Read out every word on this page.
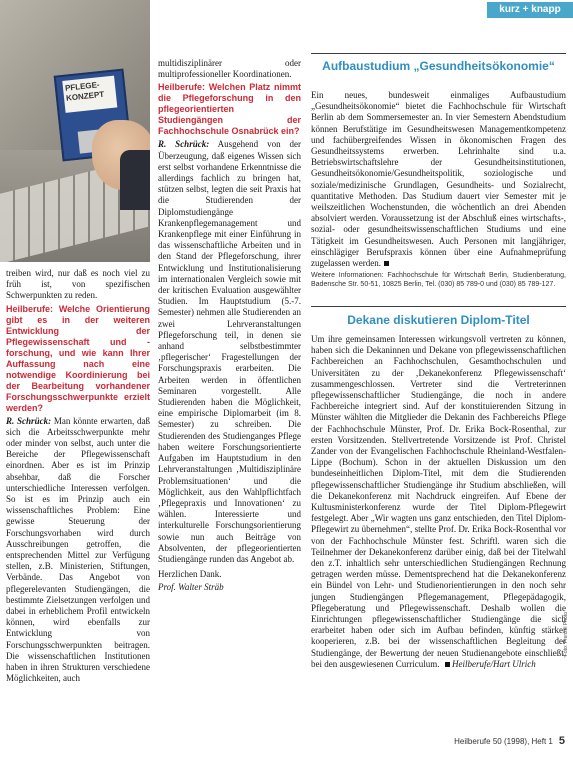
PFLEGE-KONZEPT
kurz + knapp

treiben wird, nur daß es noch viel zu früh ist, von spezifischen Schwerpunkten zu reden.

Heilberufe: Welche Orientierung gibt es in der weiteren Entwicklung der Pflegewissenschaft und -forschung, und wie kann Ihrer Auffassung nach eine notwendige Koordinierung bei der Bearbeitung vorhandener Forschungsschwerpunkte erzielt werden?

R. Schrück: Man könnte erwarten, daß sich die Arbeitsschwerpunkte mehr oder minder von selbst, auch unter die Bereiche der Pflegewissenschaft einordnen. Aber es ist im Prinzip absehbar, daß die Forscher unterschiedliche Interessen verfolgen. So ist es im Prinzip auch ein wissenschaftliches Problem: Eine gewisse Steuerung der Forschungsvorhaben wird durch Ausschreibungen getroffen, die entsprechenden Mittel zur Verfügung stellen, z.B. Ministerien, Stiftungen, Verbände. Das Angebot von pflegerelevanten Studiengängen, die bestimmte Zielsetzungen verfolgen und dabei in erheblichem Profil entwickeln können, wird ebenfalls zur Entwicklung von Forschungsschwerpunkten beitragen. Die wissenschaftlichen Institutionen haben in ihren Strukturen verschiedene Möglichkeiten, auch

multidisziplinärer oder multiprofessioneller Koordinationen.

Heilberufe: Welchen Platz nimmt die Pflegeforschung in den pflegeorientierten Studiengängen der Fachhochschule Osnabrück ein?

R. Schrück: Ausgehend von der Überzeugung, daß eigenes Wissen sich erst selbst vorhandene Erkenntnisse die allerdings fachlich zu bringen hat, stützen selbst, legten die seit Praxis hat die Studierenden der Diplomstudiengänge Krankenpflegemanagement und Krankenpflege mit einer Einführung in das wissenschaftliche Arbeiten und in den Stand der Pflegeforschung, ihrer Entwicklung und Institutionalisierung im internationalen Vergleich sowie mit der kritischen Evaluation ausgewählter Studien. Im Hauptstudium (5.-7. Semester) nehmen alle Studierenden an zwei Lehrveranstaltungen Pflegeforschung teil, in denen sie anhand selbstbestimmter ‚pflegerischer‘ Fragestellungen der Forschungspraxis erarbeiten. Die Arbeiten werden in öffentlichen Seminaren vorgestellt. Alle Studierenden haben die Möglichkeit, eine empirische Diplomarbeit (im 8. Semester) zu schreiben. Die Studierenden des Studienganges Pflege haben weitere Forschungsorientierte Aufgaben im Hauptstudium in den Lehrveranstaltungen ‚Multidisziplinäre Problemsituationen‘ und die Möglichkeit, aus den Wahlpflichtfach ‚Pflegepraxis und Innovationen‘ zu wählen. Interessierte und interkulturelle Forschungsorientierung sowie nun auch Beiträge von Absolventen, der pflegeorientierten Studiengänge runden das Angebot ab.

Herzlichen Dank.

Prof. Walter Sträb

Aufbaustudium „Gesundheitsökonomie“

Ein neues, bundesweit einmaliges Aufbaustudium „Gesundheitsökonomie“ bietet die Fachhochschule für Wirtschaft Berlin ab dem Sommersemester an. In vier Semestern Abendstudium können Berufstätige im Gesundheitswesen Managementkompetenz und fachübergreifendes Wissen in ökonomischen Fragen des Gesundheitssystems erwerben. Lehrinhalte sind u.a. Betriebswirtschaftslehre der Gesundheitsinstitutionen, Gesundheitsökonomie/Gesundheitspolitik, soziologische und soziale/medizinische Grundlagen, Gesundheits- und Sozialrecht, quantitative Methoden. Das Studium dauert vier Semester mit je weilszeitlichen Wochenstunden, die wöchentlich an drei Abenden absolviert werden. Voraussetzung ist der Abschluß eines wirtschafts-, sozial- oder gesundheitswissenschaftlichen Studiums und eine Tätigkeit im Gesundheitswesen. Auch Personen mit langjähriger, einschlägiger Berufspraxis können über eine Aufnahmeprüfung zugelassen werden.

Weitere Informationen: Fachhochschule für Wirtschaft Berlin, Studienberatung, Badensche Str. 50-51, 10825 Berlin, Tel. (030) 85 789-0 und (030) 85 789-127.

Dekane diskutieren Diplom-Titel

Um ihre gemeinsamen Interessen wirkungsvoll vertreten zu können, haben sich die Dekaninnen und Dekane von pflegewissenschaftlichen Fachbereichen an Fachhochschulen, Gesamthochschulen und Universitäten zu der ‚Dekanekonferenz Pflegewissenschaft‘ zusammengeschlossen. Vertreter sind die Vertreterinnen pflegewissenschaftlicher Studiengänge, die noch in andere Fachbereiche integriert sind. Auf der konstituierenden Sitzung in Münster wählten die Mitglieder die Dekanin des Fachbereichs Pflege der Fachhochschule Münster, Prof. Dr. Erika Bock-Rosenthal, zur ersten Vorsitzenden. Stellvertretende Vorsitzende ist Prof. Christel Zander von der Evangelischen Fachhochschule Rheinland-Westfalen-Lippe (Bochum). Schon in der aktuellen Diskussion um den bundeseinheitlichen Diplom-Titel, mit dem die Studierenden pflegewissenschaftlicher Studiengänge ihr Studium abschließen, will die Dekanekonferenz mit Nachdruck eingreifen. Auf Ebene der Kultusministerkonferenz wurde der Titel Diplom-Pflegewirt festgelegt. Aber „Wir wagten uns ganz entschieden, den Titel Diplom-Pflegewirt zu übernehmen“, stellte Prof. Dr. Erika Bock-Rosenthal vor von der Fachhochschule Münster fest. Schriftl. waren sich die Teilnehmer der Dekanekonferenz darüber einig, daß bei der Titelwahl den z.T. inhaltlich sehr unterschiedlichen Studiengängen Rechnung getragen werden müsse. Dementsprechend hat die Dekanekonferenz ein Bündel von Lehr- und Studienorientierungen in den noch sehr jungen Studiengängen Pflegemanagement, Pflegepädagogik, Pflegeberatung und Pflegewissenschaft. Deshalb wollen die Einrichtungen pflegewissenschaftlicher Studiengänge die sich erarbeitet haben oder sich im Aufbau befinden, künftig stärker kooperieren, z.B. bei der wissenschaftlichen Begleitung der Studiengänge, der Bewertung der neuen Studienangebote einschließt, bei den ausgewiesenen Curriculum. Heilberufe/Hart Ulrich

Foto: Prenzel Photo
Heilberufe 50 (1998), Heft 1 5
